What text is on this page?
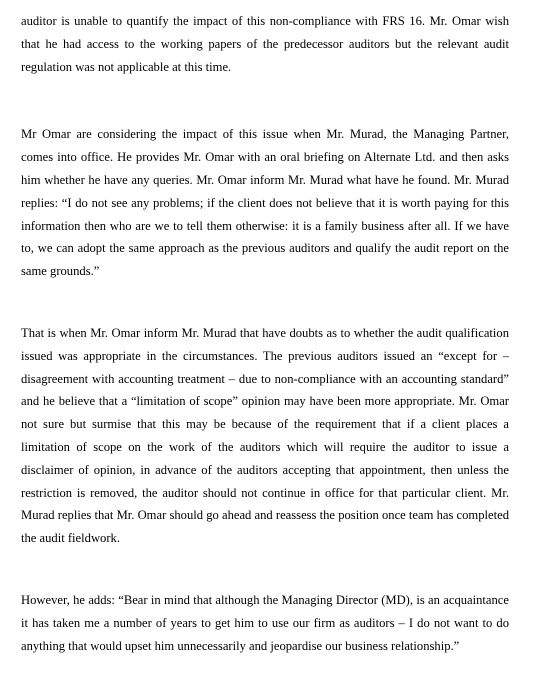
auditor is unable to quantify the impact of this non-compliance with FRS 16. Mr. Omar wish that he had access to the working papers of the predecessor auditors but the relevant audit regulation was not applicable at this time.

Mr Omar are considering the impact of this issue when Mr. Murad, the Managing Partner, comes into office. He provides Mr. Omar with an oral briefing on Alternate Ltd. and then asks him whether he have any queries. Mr. Omar inform Mr. Murad what have he found. Mr. Murad replies: “I do not see any problems; if the client does not believe that it is worth paying for this information then who are we to tell them otherwise: it is a family business after all. If we have to, we can adopt the same approach as the previous auditors and qualify the audit report on the same grounds.”

That is when Mr. Omar inform Mr. Murad that have doubts as to whether the audit qualification issued was appropriate in the circumstances. The previous auditors issued an “except for – disagreement with accounting treatment – due to non-compliance with an accounting standard” and he believe that a “limitation of scope” opinion may have been more appropriate. Mr. Omar not sure but surmise that this may be because of the requirement that if a client places a limitation of scope on the work of the auditors which will require the auditor to issue a disclaimer of opinion, in advance of the auditors accepting that appointment, then unless the restriction is removed, the auditor should not continue in office for that particular client. Mr. Murad replies that Mr. Omar should go ahead and reassess the position once team has completed the audit fieldwork.

However, he adds: “Bear in mind that although the Managing Director (MD), is an acquaintance it has taken me a number of years to get him to use our firm as auditors – I do not want to do anything that would upset him unnecessarily and jeopardise our business relationship.”
